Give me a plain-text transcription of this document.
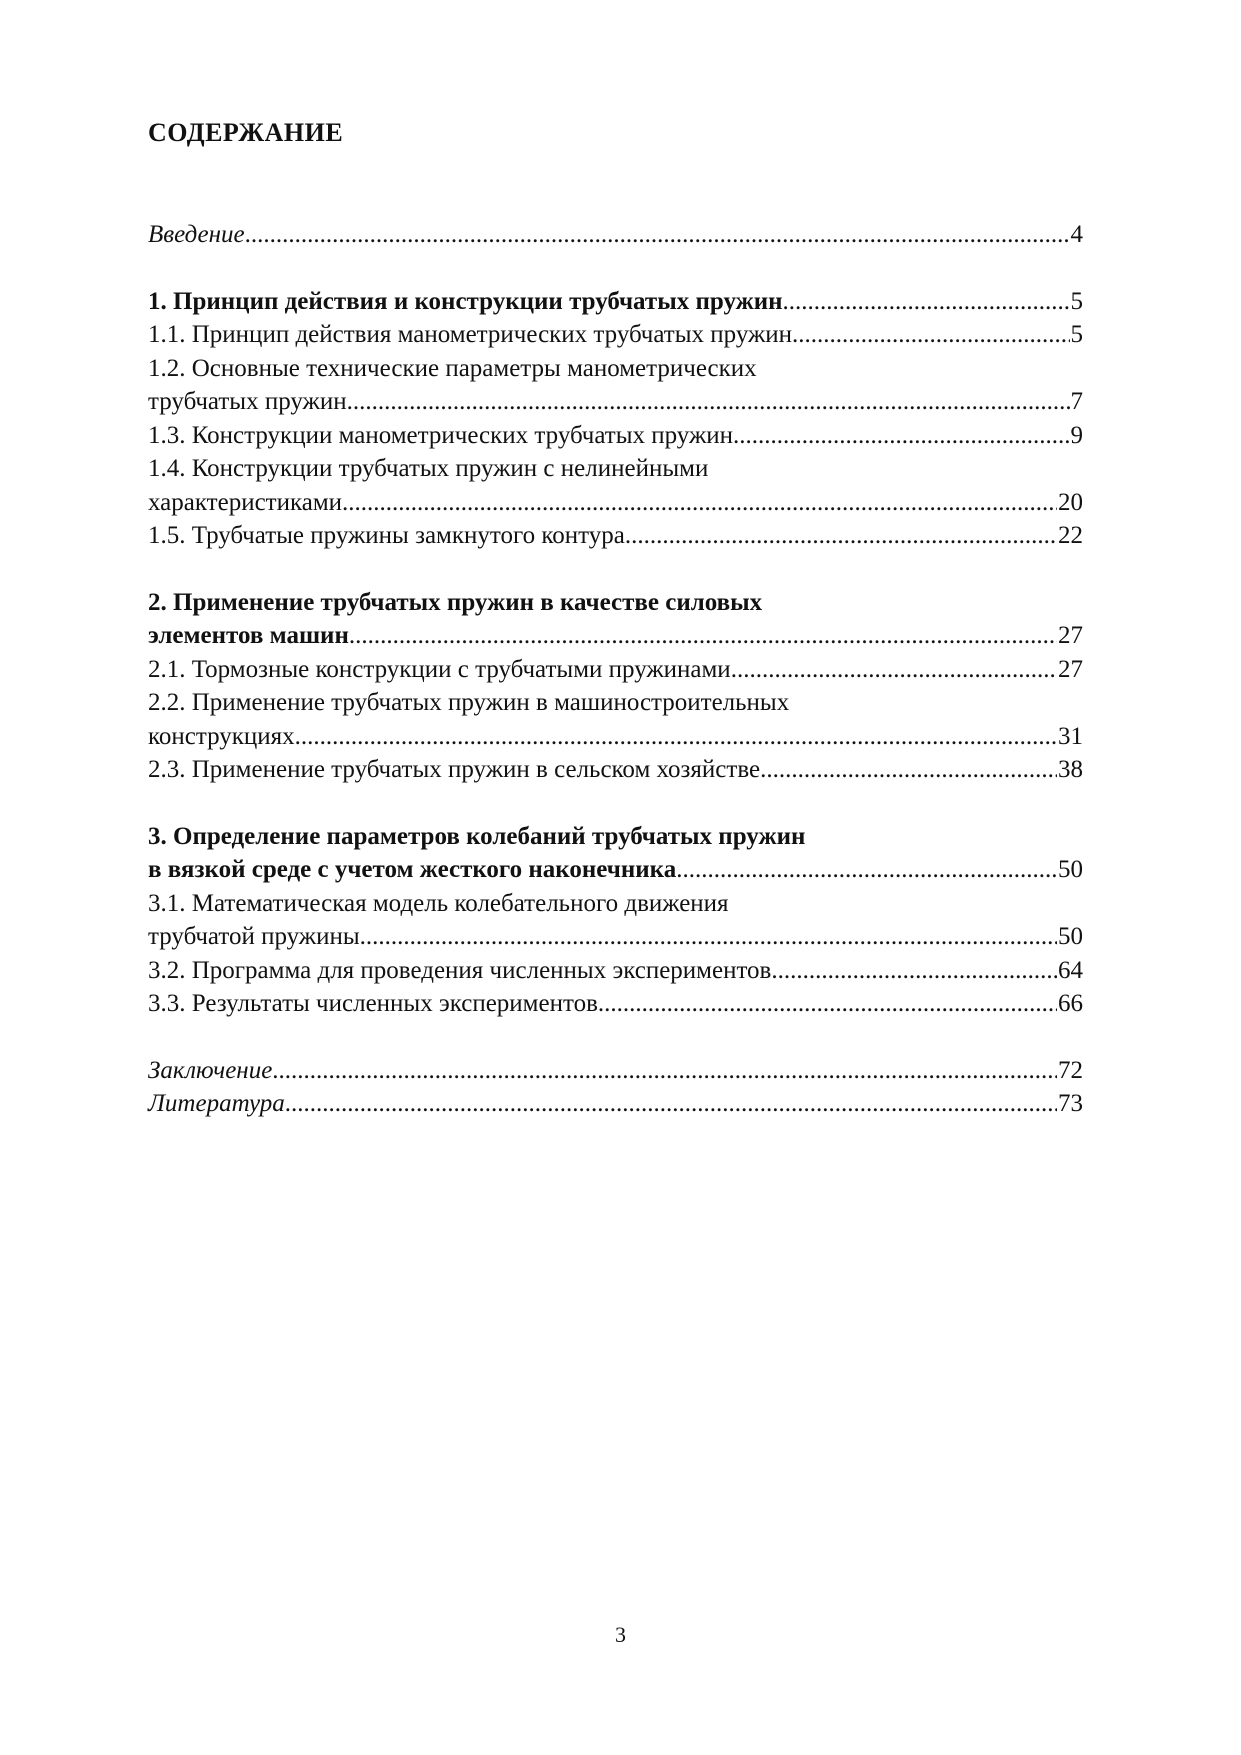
СОДЕРЖАНИЕ
Введение .....	4
1. Принцип действия и конструкции трубчатых пружин .....	5
1.1. Принцип действия манометрических трубчатых пружин .....	5
1.2. Основные технические параметры манометрических
трубчатых пружин .....	7
1.3. Конструкции манометрических трубчатых пружин .....	9
1.4. Конструкции трубчатых пружин с нелинейными
характеристиками .....	20
1.5. Трубчатые пружины замкнутого контура .....	22
2. Применение трубчатых пружин в качестве силовых
элементов машин .....	27
2.1. Тормозные конструкции с трубчатыми пружинами .....	27
2.2. Применение трубчатых пружин в машиностроительных
конструкциях .....	31
2.3. Применение трубчатых пружин в сельском хозяйстве .....	38
3. Определение параметров колебаний трубчатых пружин
в вязкой среде с учетом жесткого наконечника .....	50
3.1. Математическая модель колебательного движения
трубчатой пружины .....	50
3.2. Программа для проведения численных экспериментов .....	64
3.3. Результаты численных экспериментов .....	66
Заключение .....	72
Литература .....	73
3
